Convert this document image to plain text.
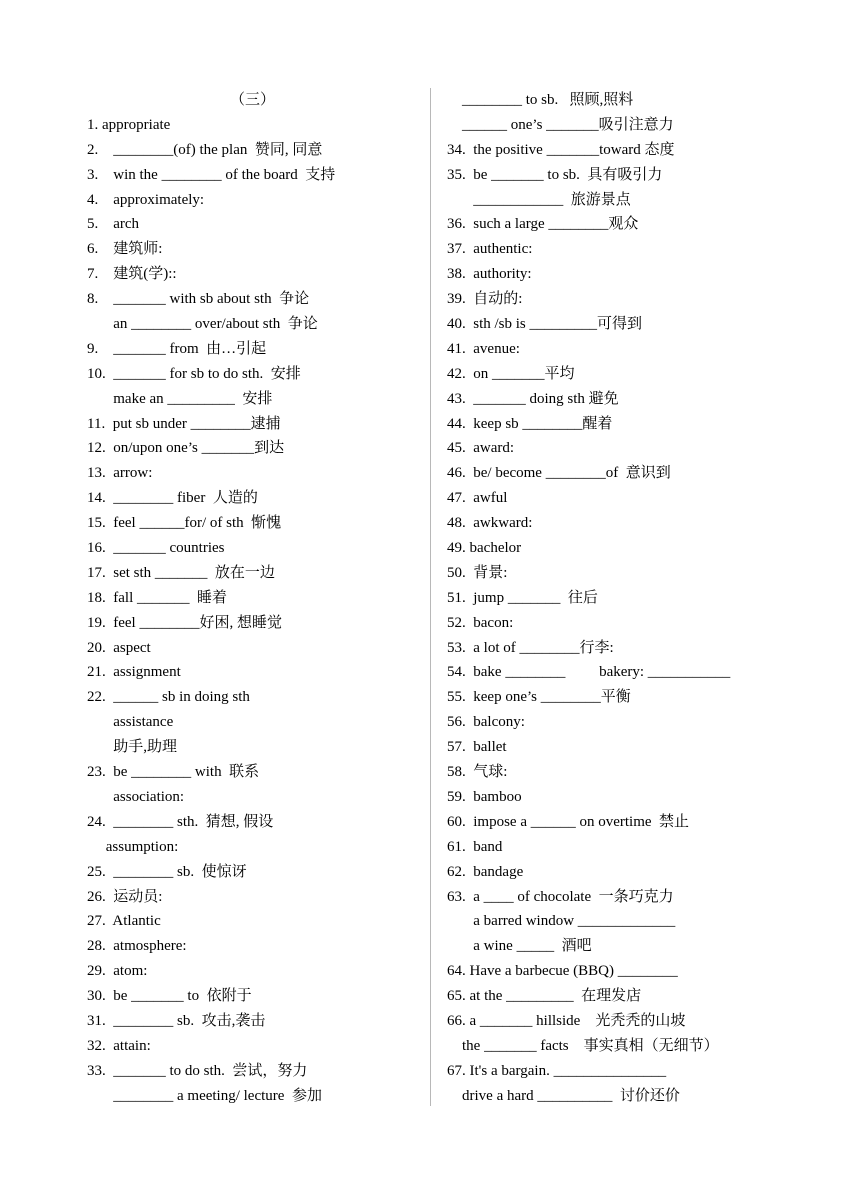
（三）
1. appropriate
2.    ________(of) the plan  赞同, 同意
3.    win the ________ of the board  支持
4.    approximately:
5.    arch
6.    建筑师:
7.    建筑(学)::
8.    _______ with sb about sth  争论
an ________ over/about sth  争论
9.    _______ from  由…引起
10.  _______ for sb to do sth.  安排
make an _________  安排
11.  put sb under ________逮捕
12.  on/upon one’s _______到达
13.  arrow:
14.  ________ fiber  人造的
15.  feel ______for/ of sth  惭愧
16.  _______ countries
17.  set sth _______  放在一边
18.  fall _______  睡着
19.  feel ________好困, 想睡觉
20.  aspect
21.  assignment
22.  ______ sb in doing sth
assistance
助手,助理
23.  be ________ with  联系
association:
24.  ________ sth.  猜想, 假设
assumption:
25.  ________ sb.  使惊讶
26.  运动员:
27.  Atlantic
28.  atmosphere:
29.  atom:
30.  be _______ to  依附于
31.  ________ sb.  攻击,袭击
32.  attain:
33.  _______ to do sth.  尝试，努力
________ a meeting/ lecture  参加
________ to sb.   照顾,照料
______ one’s _______吸引注意力
34.  the positive _______toward 态度
35.  be _______ to sb.  具有吸引力
____________  旅游景点
36.  such a large ________观众
37.  authentic:
38.  authority:
39.  自动的:
40.  sth /sb is _________可得到
41.  avenue:
42.  on _______平均
43.  _______ doing sth 避免
44.  keep sb ________醒着
45.  award:
46.  be/ become ________of  意识到
47.  awful
48.  awkward:
49. bachelor
50.  背景:
51.  jump _______  往后
52.  bacon:
53.  a lot of ________行李:
54.  bake ________         bakery: ___________
55.  keep one’s ________平衡
56.  balcony:
57.  ballet
58.  气球:
59.  bamboo
60.  impose a ______ on overtime  禁止
61.  band
62.  bandage
63.  a ____ of chocolate  一条巧克力
a barred window _____________
a wine _____  酒吧
64. Have a barbecue (BBQ) ________
65. at the _________  在理发店
66. a _______ hillside    光秃秃的山坡
the _______ facts    事实真相（无细节）
67. It's a bargain. _______________
drive a hard __________  讨价还价
